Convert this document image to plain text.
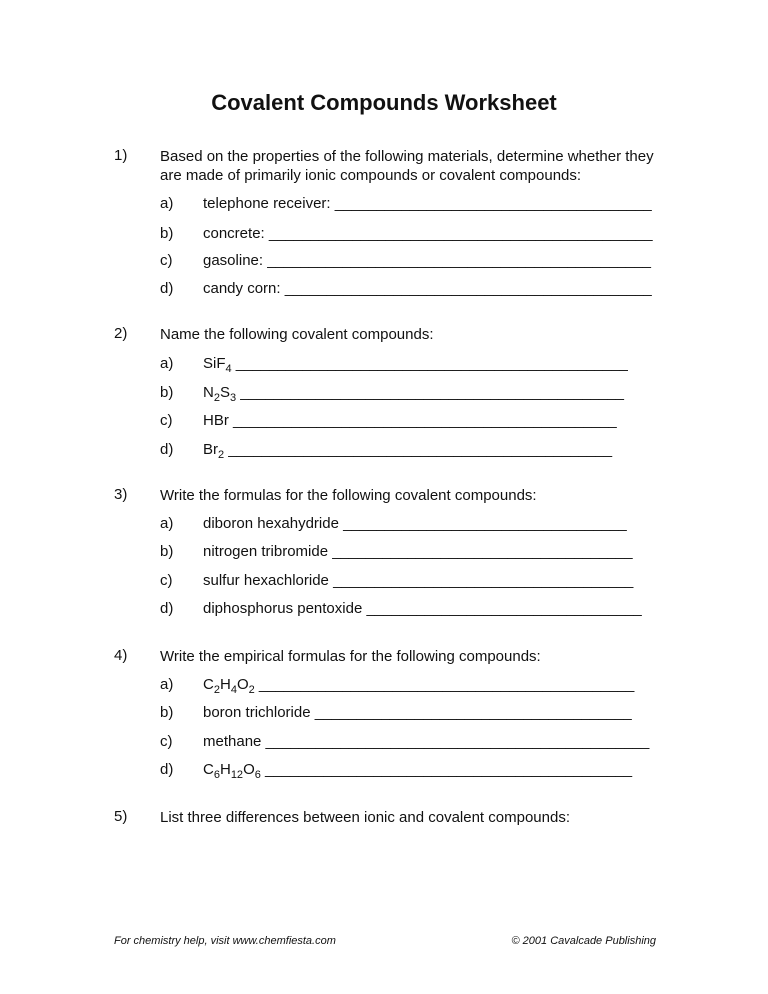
Covalent Compounds Worksheet
1) Based on the properties of the following materials, determine whether they are made of primarily ionic compounds or covalent compounds:
a) telephone receiver: ______________________________________
b) concrete: ______________________________________________
c) gasoline: ______________________________________________
d) candy corn: ____________________________________________
2) Name the following covalent compounds:
a) SiF$_4$ _______________________________________________
b) $N_2S_3$ ______________________________________________
c) HBr ______________________________________________
d) $Br_2$ ______________________________________________
3) Write the formulas for the following covalent compounds:
a) diboron hexahydride __________________________________
b) nitrogen tribromide ____________________________________
c) sulfur hexachloride ____________________________________
d) diphosphorus pentoxide _________________________________
4) Write the empirical formulas for the following compounds:
a) $C_2H_4O_2$ _____________________________________________
b) boron trichloride ______________________________________
c) methane ______________________________________________
d) $C_6H_{12}O_6$ ____________________________________________
5) List three differences between ionic and covalent compounds:
For chemistry help, visit www.chemfiesta.com	© 2001 Cavalcade Publishing
